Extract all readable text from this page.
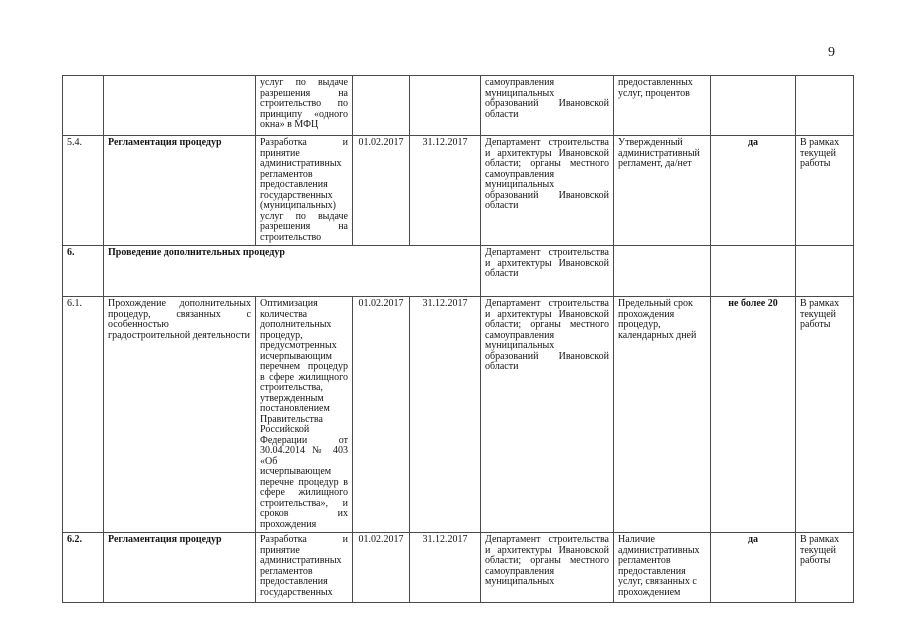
9
		услуг по выдаче разрешения на строительство по принципу «одного окна» в МФЦ			самоуправления муниципальных образований Ивановской области	предоставленных услуг, процентов		
5.4.	Регламентация процедур	Разработка и принятие административных регламентов предоставления государственных (муниципальных) услуг по выдаче разрешения на строительство	01.02.2017	31.12.2017	Департамент строительства и архитектуры Ивановской области; органы местного самоуправления муниципальных образований Ивановской области	Утвержденный административный регламент, да/нет	да	В рамках текущей работы
6.	Проведение дополнительных процедур				Департамент строительства и архитектуры Ивановской области			
6.1.	Прохождение дополнительных процедур, связанных с особенностью градостроительной деятельности	Оптимизация количества дополнительных процедур, предусмотренных исчерпывающим перечнем процедур в сфере жилищного строительства, утвержденным постановлением Правительства Российской Федерации от 30.04.2014 № 403 «Об исчерпывающем перечне процедур в сфере жилищного строительства», и сроков их прохождения	01.02.2017	31.12.2017	Департамент строительства и архитектуры Ивановской области; органы местного самоуправления муниципальных образований Ивановской области	Предельный срок прохождения процедур, календарных дней	не более 20	В рамках текущей работы
6.2.	Регламентация процедур	Разработка и принятие административных регламентов предоставления государственных	01.02.2017	31.12.2017	Департамент строительства и архитектуры Ивановской области; органы местного самоуправления муниципальных	Наличие административных регламентов предоставления услуг, связанных с прохождением	да	В рамках текущей работы
